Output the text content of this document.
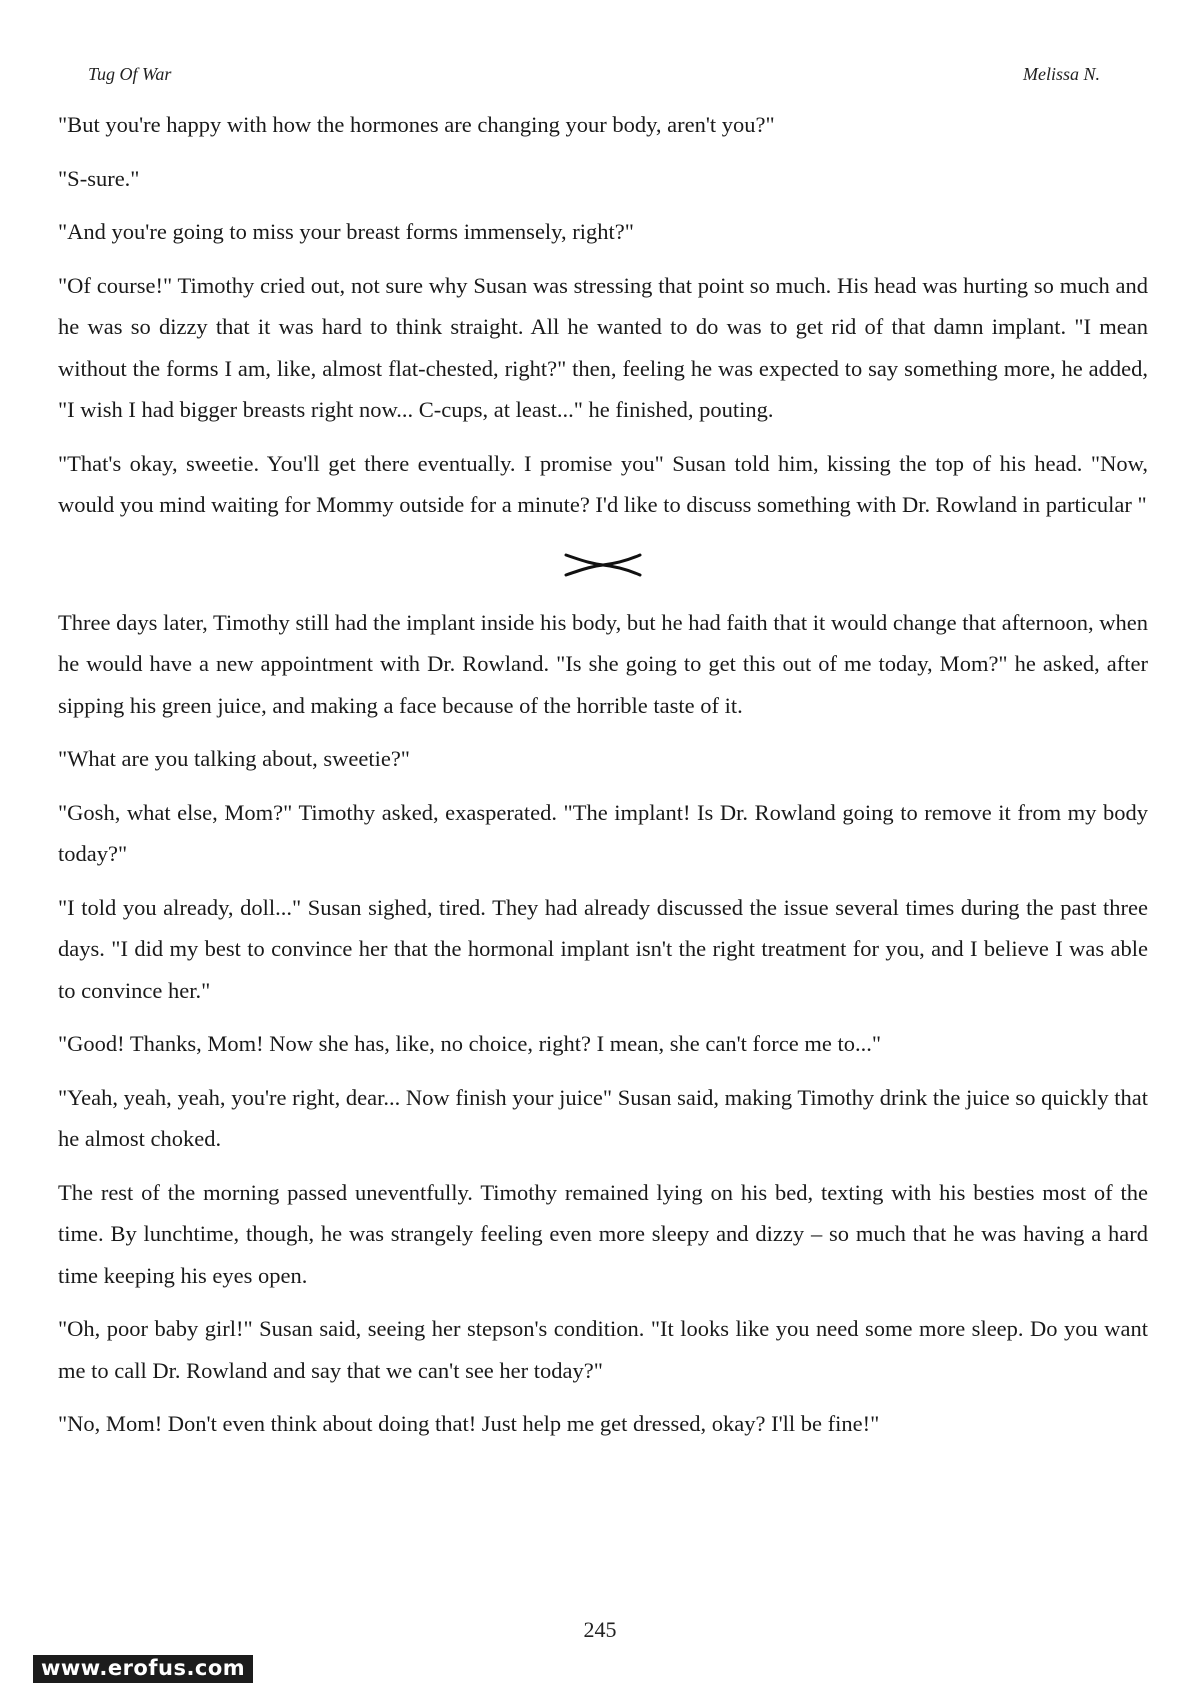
Tug Of War	Melissa N.

"But you're happy with how the hormones are changing your body, aren't you?"

"S-sure."

"And you're going to miss your breast forms immensely, right?"

"Of course!" Timothy cried out, not sure why Susan was stressing that point so much. His head was hurting so much and he was so dizzy that it was hard to think straight. All he wanted to do was to get rid of that damn implant. "I mean without the forms I am, like, almost flat-chested, right?" then, feeling he was expected to say something more, he added, "I wish I had bigger breasts right now... C-cups, at least..." he finished, pouting.

"That's okay, sweetie. You'll get there eventually. I promise you" Susan told him, kissing the top of his head. "Now, would you mind waiting for Mommy outside for a minute? I'd like to discuss something with Dr. Rowland in particular "

Three days later, Timothy still had the implant inside his body, but he had faith that it would change that afternoon, when he would have a new appointment with Dr. Rowland. "Is she going to get this out of me today, Mom?" he asked, after sipping his green juice, and making a face because of the horrible taste of it.

"What are you talking about, sweetie?"

"Gosh, what else, Mom?" Timothy asked, exasperated. "The implant! Is Dr. Rowland going to remove it from my body today?"

"I told you already, doll..." Susan sighed, tired. They had already discussed the issue several times during the past three days. "I did my best to convince her that the hormonal implant isn't the right treatment for you, and I believe I was able to convince her."

"Good! Thanks, Mom! Now she has, like, no choice, right? I mean, she can't force me to..."

"Yeah, yeah, yeah, you're right, dear... Now finish your juice" Susan said, making Timothy drink the juice so quickly that he almost choked.

The rest of the morning passed uneventfully. Timothy remained lying on his bed, texting with his besties most of the time. By lunchtime, though, he was strangely feeling even more sleepy and dizzy – so much that he was having a hard time keeping his eyes open.

"Oh, poor baby girl!" Susan said, seeing her stepson's condition. "It looks like you need some more sleep. Do you want me to call Dr. Rowland and say that we can't see her today?"

"No, Mom! Don't even think about doing that! Just help me get dressed, okay? I'll be fine!"

245
www.erofus.com
